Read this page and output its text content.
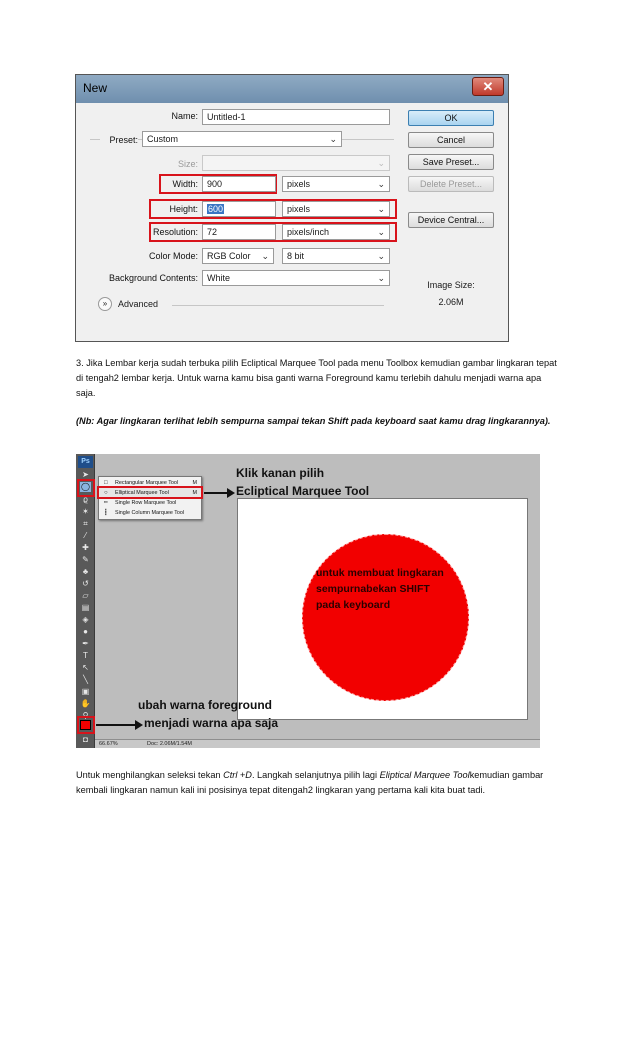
New	✕
Name:	Untitled-1
Preset:	Custom	⌄
Size:	⌄
Width:	900	pixels	⌄
Height:	600	pixels	⌄
Resolution:	72	pixels/inch	⌄
Color Mode:	RGB Color ⌄	8 bit	⌄
Background Contents:	White	⌄
»	Advanced
OK
Cancel
Save Preset...
Delete Preset...
Device Central...
Image Size:
2.06M
3. Jika Lembar kerja sudah terbuka pilih Ecliptical Marquee Tool pada menu Toolbox kemudian gambar lingkaran tepat di tengah2 lembar kerja. Untuk warna kamu bisa ganti warna Foreground kamu terlebih dahulu menjadi warna apa saja.
(Nb: Agar lingkaran terlihat lebih sempurna sampai tekan Shift pada keyboard saat kamu drag lingkarannya).
Ps
➤
◯
ϱ
✶
⌗
⁄
✚
✎
♣
↺
▱
▤
◈
●
✒
T
↖
╲
▣
✋
⚲
◘
□ Rectangular Marquee Tool	M
○ Elliptical Marquee Tool	M
┅ Single Row Marquee Tool
┇ Single Column Marquee Tool
Klik kanan pilih
Ecliptical Marquee Tool
untuk membuat lingkaran
sempurnabekan SHIFT
pada keyboard
ubah warna foreground
menjadi warna apa saja
66.67%	Doc: 2.06M/1.54M
Untuk menghilangkan seleksi tekan Ctrl +D. Langkah selanjutnya pilih lagi Eliptical Marquee Toolkemudian gambar kembali lingkaran namun kali ini posisinya tepat ditengah2 lingkaran yang pertama kali kita buat tadi.
